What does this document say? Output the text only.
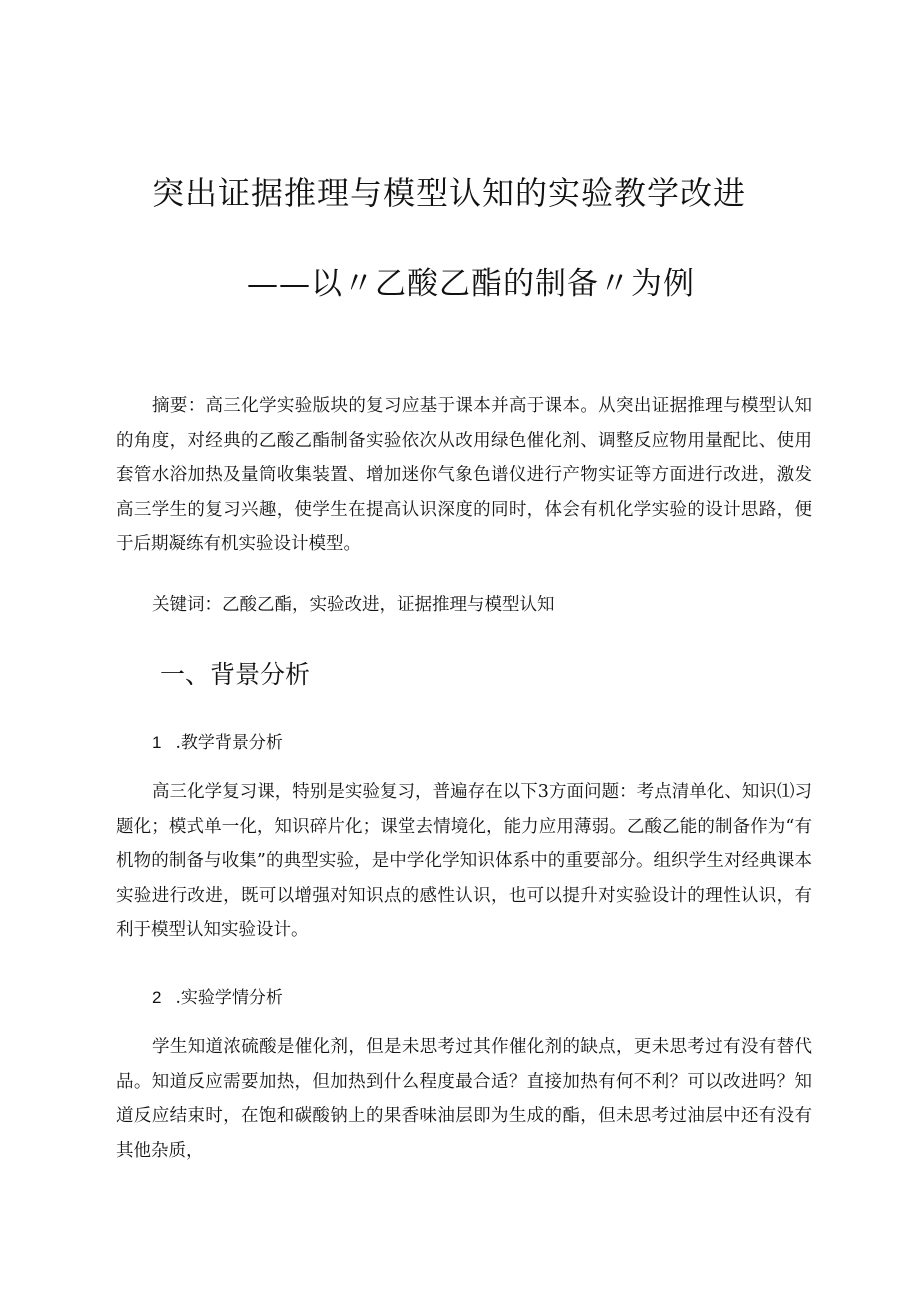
突出证据推理与模型认知的实验教学改进
——以〃乙酸乙酯的制备〃为例

摘要：高三化学实验版块的复习应基于课本并高于课本。从突出证据推理与模型认知的角度，对经典的乙酸乙酯制备实验依次从改用绿色催化剂、调整反应物用量配比、使用套管水浴加热及量筒收集装置、增加迷你气象色谱仪进行产物实证等方面进行改进，激发高三学生的复习兴趣，使学生在提高认识深度的同时，体会有机化学实验的设计思路，便于后期凝练有机实验设计模型。

关键词：乙酸乙酯，实验改进，证据推理与模型认知

一、背景分析

1 .教学背景分析

高三化学复习课，特别是实验复习，普遍存在以下3方面问题：考点清单化、知识⑴习题化；模式单一化，知识碎片化；课堂去情境化，能力应用薄弱。乙酸乙能的制备作为“有机物的制备与收集”的典型实验，是中学化学知识体系中的重要部分。组织学生对经典课本实验进行改进，既可以增强对知识点的感性认识，也可以提升对实验设计的理性认识，有利于模型认知实验设计。

2 .实验学情分析

学生知道浓硫酸是催化剂，但是未思考过其作催化剂的缺点，更未思考过有没有替代品。知道反应需要加热，但加热到什么程度最合适？直接加热有何不利？可以改进吗？知道反应结束时，在饱和碳酸钠上的果香味油层即为生成的酯，但未思考过油层中还有没有其他杂质，
